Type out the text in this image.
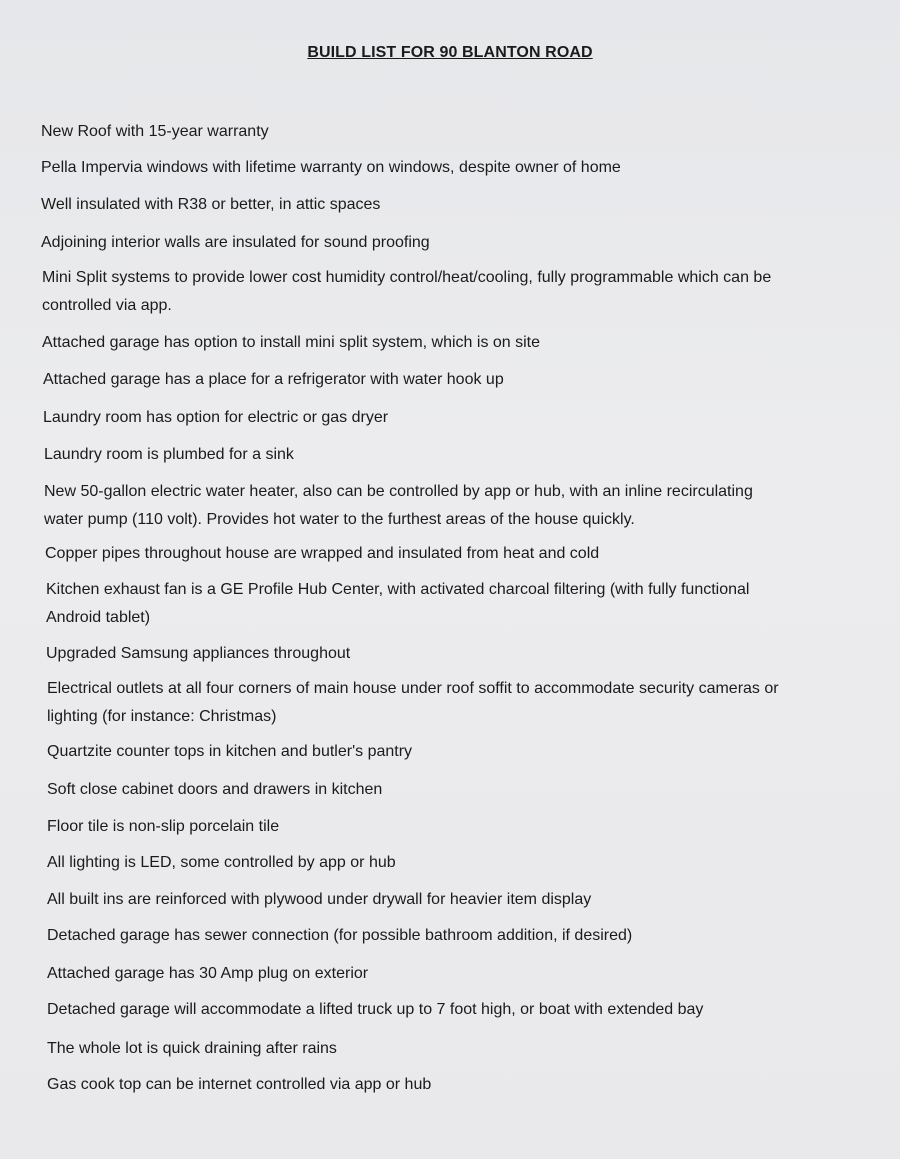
BUILD LIST FOR 90 BLANTON ROAD

New Roof with 15-year warranty

Pella Impervia windows with lifetime warranty on windows, despite owner of home

Well insulated with R38 or better, in attic spaces

Adjoining interior walls are insulated for sound proofing

Mini Split systems to provide lower cost humidity control/heat/cooling, fully programmable which can be
controlled via app.

Attached garage has option to install mini split system, which is on site

Attached garage has a place for a refrigerator with water hook up

Laundry room has option for electric or gas dryer

Laundry room is plumbed for a sink

New 50-gallon electric water heater, also can be controlled by app or hub, with an inline recirculating
water pump (110 volt). Provides hot water to the furthest areas of the house quickly.

Copper pipes throughout house are wrapped and insulated from heat and cold

Kitchen exhaust fan is a GE Profile Hub Center, with activated charcoal filtering (with fully functional
Android tablet)

Upgraded Samsung appliances throughout

Electrical outlets at all four corners of main house under roof soffit to accommodate security cameras or
lighting (for instance: Christmas)

Quartzite counter tops in kitchen and butler's pantry

Soft close cabinet doors and drawers in kitchen

Floor tile is non-slip porcelain tile

All lighting is LED, some controlled by app or hub

All built ins are reinforced with plywood under drywall for heavier item display

Detached garage has sewer connection (for possible bathroom addition, if desired)

Attached garage has 30 Amp plug on exterior

Detached garage will accommodate a lifted truck up to 7 foot high, or boat with extended bay

The whole lot is quick draining after rains

Gas cook top can be internet controlled via app or hub
